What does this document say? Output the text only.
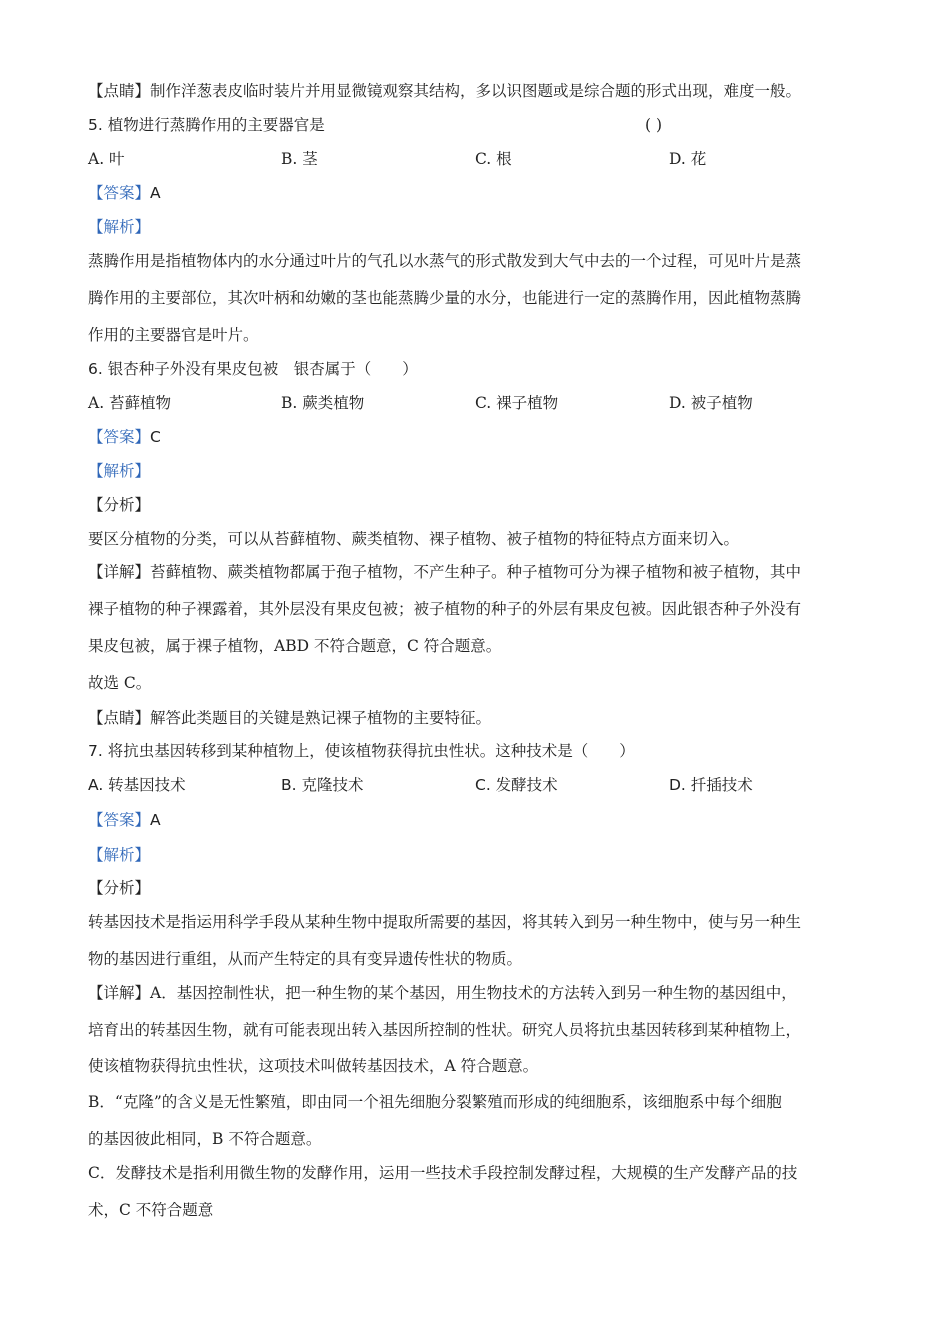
【点睛】制作洋葱表皮临时装片并用显微镜观察其结构，多以识图题或是综合题的形式出现，难度一般。
5. 植物进行蒸腾作用的主要器官是	( )
A. 叶	B. 茎	C. 根	D. 花
【答案】A
【解析】
蒸腾作用是指植物体内的水分通过叶片的气孔以水蒸气的形式散发到大气中去的一个过程，可见叶片是蒸
腾作用的主要部位，其次叶柄和幼嫩的茎也能蒸腾少量的水分，也能进行一定的蒸腾作用，因此植物蒸腾
作用的主要器官是叶片。
6. 银杏种子外没有果皮包被　银杏属于（　　）
A. 苔藓植物	B. 蕨类植物	C. 裸子植物	D. 被子植物
【答案】C
【解析】
【分析】
要区分植物的分类，可以从苔藓植物、蕨类植物、裸子植物、被子植物的特征特点方面来切入。
【详解】苔藓植物、蕨类植物都属于孢子植物，不产生种子。种子植物可分为裸子植物和被子植物，其中
裸子植物的种子裸露着，其外层没有果皮包被；被子植物的种子的外层有果皮包被。因此银杏种子外没有
果皮包被，属于裸子植物，ABD 不符合题意，C 符合题意。
故选 C。
【点睛】解答此类题目的关键是熟记裸子植物的主要特征。
7. 将抗虫基因转移到某种植物上，使该植物获得抗虫性状。这种技术是（　　）
A. 转基因技术	B. 克隆技术	C. 发酵技术	D. 扦插技术
【答案】A
【解析】
【分析】
转基因技术是指运用科学手段从某种生物中提取所需要的基因，将其转入到另一种生物中，使与另一种生
物的基因进行重组，从而产生特定的具有变异遗传性状的物质。
【详解】A．基因控制性状，把一种生物的某个基因，用生物技术的方法转入到另一种生物的基因组中，
培育出的转基因生物，就有可能表现出转入基因所控制的性状。研究人员将抗虫基因转移到某种植物上，
使该植物获得抗虫性状，这项技术叫做转基因技术，A 符合题意。
B．“克隆”的含义是无性繁殖，即由同一个祖先细胞分裂繁殖而形成的纯细胞系，该细胞系中每个细胞
的基因彼此相同，B 不符合题意。
C．发酵技术是指利用微生物的发酵作用，运用一些技术手段控制发酵过程，大规模的生产发酵产品的技
术，C 不符合题意
